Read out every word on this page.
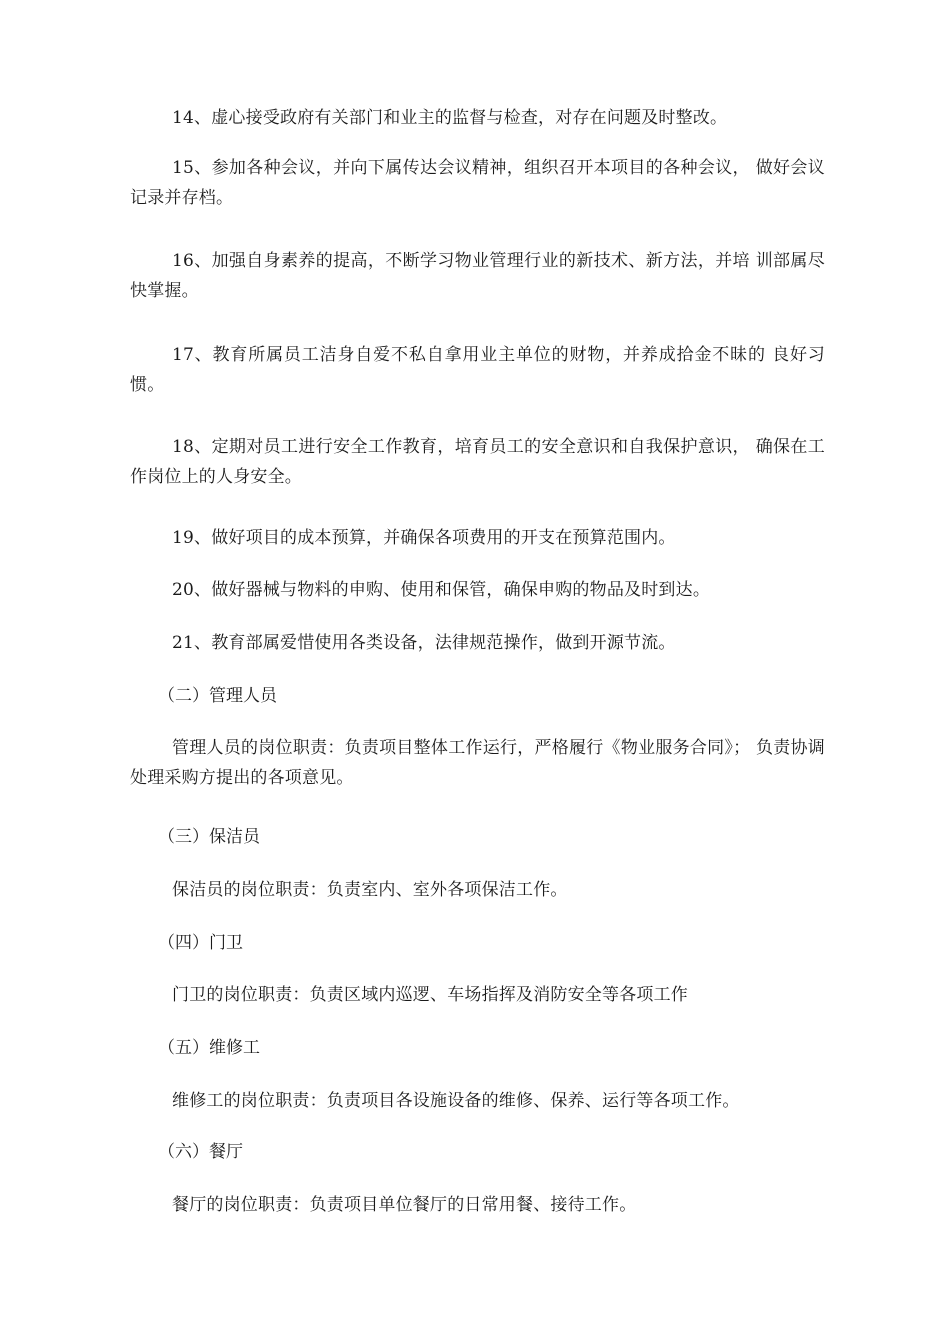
14、虚心接受政府有关部门和业主的监督与检查，对存在问题及时整改。

15、参加各种会议，并向下属传达会议精神，组织召开本项目的各种会议， 做好会议记录并存档。

16、加强自身素养的提高，不断学习物业管理行业的新技术、新方法，并培 训部属尽快掌握。

17、教育所属员工洁身自爱不私自拿用业主单位的财物，并养成拾金不昧的 良好习惯。

18、定期对员工进行安全工作教育，培育员工的安全意识和自我保护意识， 确保在工作岗位上的人身安全。

19、做好项目的成本预算，并确保各项费用的开支在预算范围内。

20、做好器械与物料的申购、使用和保管，确保申购的物品及时到达。

21、教育部属爱惜使用各类设备，法律规范操作，做到开源节流。

（二）管理人员

管理人员的岗位职责：负责项目整体工作运行，严格履行《物业服务合同》； 负责协调处理采购方提出的各项意见。

（三）保洁员

保洁员的岗位职责：负责室内、室外各项保洁工作。

（四）门卫

门卫的岗位职责：负责区域内巡逻、车场指挥及消防安全等各项工作

（五）维修工

维修工的岗位职责：负责项目各设施设备的维修、保养、运行等各项工作。

（六）餐厅

餐厅的岗位职责：负责项目单位餐厅的日常用餐、接待工作。
